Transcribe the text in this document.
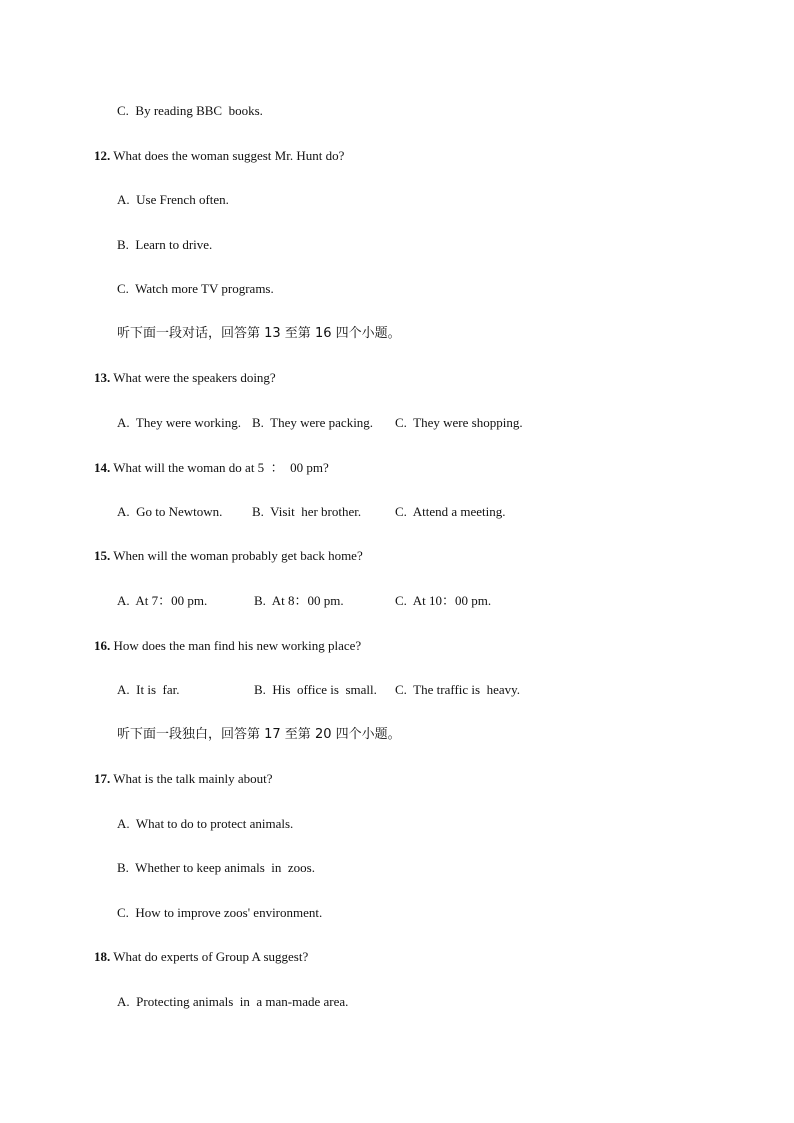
C.  By reading BBC  books.
12. What does the woman suggest Mr. Hunt do?
A.  Use French often.
B.  Learn to drive.
C.  Watch more TV programs.
听下面一段对话，回答第 13 至第 16 四个小题。
13. What were the speakers doing?

A.  They were working.

B.  They were packing.

C.  They were shopping.

14. What will the woman do at 5  ：  00 pm?

A.  Go to Newtown.

B.  Visit  her brother.

	C.  Attend a meeting.

15. When will the woman probably get back home?

A.  At 7：00 pm.

	B.  At 8：00 pm.

	C.  At 10：00 pm.

16. How does the man find his new working place?

A.  It is  far.

	B.  His  office is  small.

C.  The traffic is  heavy.

听下面一段独白，回答第 17 至第 20 四个小题。
17. What is the talk mainly about?
A.  What to do to protect animals.
B.  Whether to keep animals  in  zoos.
C.  How to improve zoos' environment.
18. What do experts of Group A suggest?
A.  Protecting animals  in  a man-made area.
